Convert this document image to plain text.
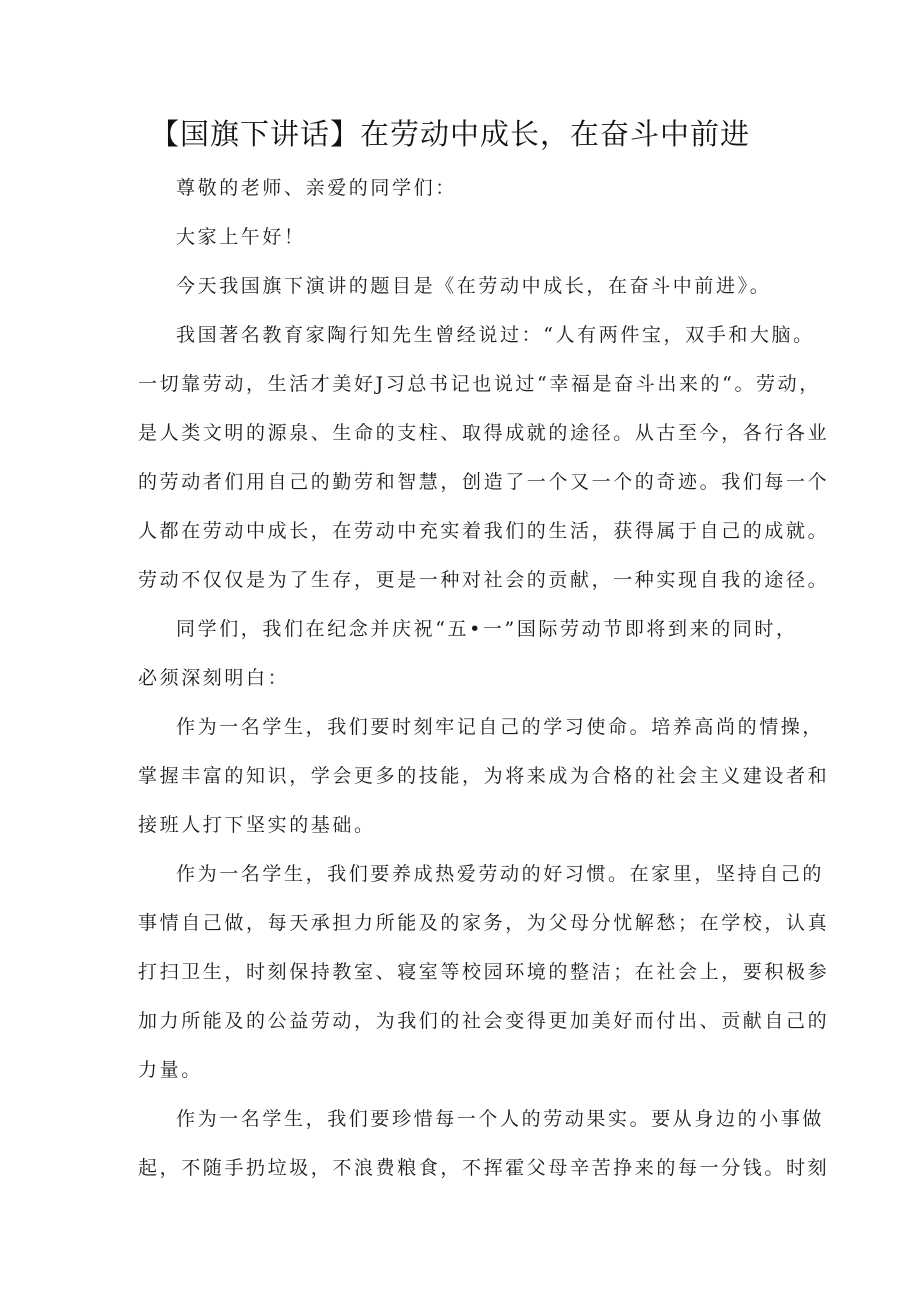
【国旗下讲话】在劳动中成长，在奋斗中前进

尊敬的老师、亲爱的同学们：

大家上午好！

今天我国旗下演讲的题目是《在劳动中成长，在奋斗中前进》。

我国著名教育家陶行知先生曾经说过：“人有两件宝，双手和大脑。
一切靠劳动，生活才美好J习总书记也说过“幸福是奋斗出来的“。劳动，
是人类文明的源泉、生命的支柱、取得成就的途径。从古至今，各行各业
的劳动者们用自己的勤劳和智慧，创造了一个又一个的奇迹。我们每一个
人都在劳动中成长，在劳动中充实着我们的生活，获得属于自己的成就。
劳动不仅仅是为了生存，更是一种对社会的贡献，一种实现自我的途径。

同学们，我们在纪念并庆祝“五•一”国际劳动节即将到来的同时，
必须深刻明白：

作为一名学生，我们要时刻牢记自己的学习使命。培养高尚的情操，
掌握丰富的知识，学会更多的技能，为将来成为合格的社会主义建设者和
接班人打下坚实的基础。

作为一名学生，我们要养成热爱劳动的好习惯。在家里，坚持自己的
事情自己做，每天承担力所能及的家务，为父母分忧解愁；在学校，认真
打扫卫生，时刻保持教室、寝室等校园环境的整洁；在社会上，要积极参
加力所能及的公益劳动，为我们的社会变得更加美好而付出、贡献自己的
力量。

作为一名学生，我们要珍惜每一个人的劳动果实。要从身边的小事做
起，不随手扔垃圾，不浪费粮食，不挥霍父母辛苦挣来的每一分钱。时刻
